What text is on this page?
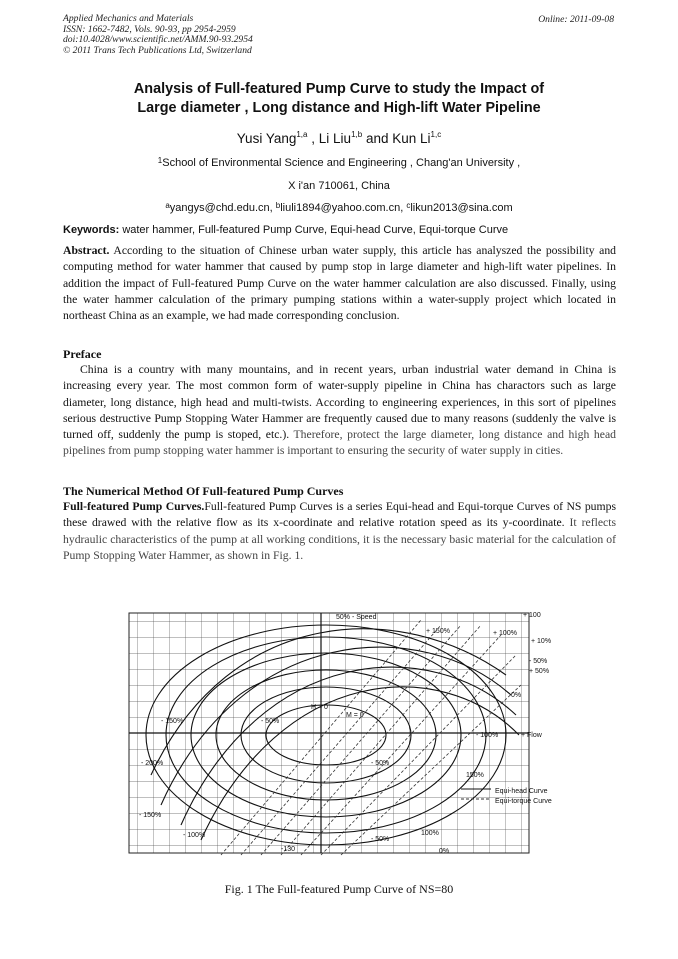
Applied Mechanics and Materials
ISSN: 1662-7482, Vols. 90-93, pp 2954-2959
doi:10.4028/www.scientific.net/AMM.90-93.2954
© 2011 Trans Tech Publications Ltd, Switzerland
Online: 2011-09-08
Analysis of Full-featured Pump Curve to study the Impact of
Large diameter , Long distance and High-lift Water Pipeline
Yusi Yang$^{1,a}$ , Li Liu$^{1,b}$ and Kun Li$^{1,c}$
$^1$School of Environmental Science and Engineering , Chang'an University ,
X i'an 710061, China
$^a$yangys@chd.edu.cn, $^b$liuli1894@yahoo.com.cn, $^c$likun2013@sina.com
Keywords: water hammer, Full-featured Pump Curve, Equi-head Curve, Equi-torque Curve
Abstract. According to the situation of Chinese urban water supply, this article has analyszed the possibility and computing method for water hammer that caused by pump stop in large diameter and high-lift water pipelines. In addition the impact of Full-featured Pump Curve on the water hammer calculation are also discussed. Finally, using the water hammer calculation of the primary pumping stations within a water-supply project which located in northeast China as an example, we had made corresponding conclusion.
Preface
China is a country with many mountains, and in recent years, urban industrial water demand in China is increasing every year. The most common form of water-supply pipeline in China has charactors such as large diameter, long distance, high head and multi-twists. According to engineering experiences, in this sort of pipelines serious destructive Pump Stopping Water Hammer are frequently caused due to many reasons (suddenly the valve is turned off, suddenly the pump is stoped, etc.). Therefore, protect the large diameter, long distance and high head pipelines from pump stopping water hammer is important to ensuring the security of water supply in cities.
The Numerical Method Of Full-featured Pump Curves
Full-featured Pump Curves.Full-featured Pump Curves is a series Equi-head and Equi-torque Curves of NS pumps these drawed with the relative flow as its x-coordinate and relative rotation speed as its y-coordinate. It reflects hydraulic characteristics of the pump at all working conditions, it is the necessary basic material for the calculation of Pump Stopping Water Hammer, as shown in Fig. 1.
50% - Speed	+ 100
+ 150%	+ 100%
+ 10%
- 50%
+ 50%
0%
- 150%	- 50%
H = 0
M = 0
- 100%	+ Flow
- 50%
150%
Equi-head Curve
Equi-torque Curve
- 200%
- 150%
- 100%
-130
100%
- 50%
0%
Fig. 1 The Full-featured Pump Curve of NS=80
